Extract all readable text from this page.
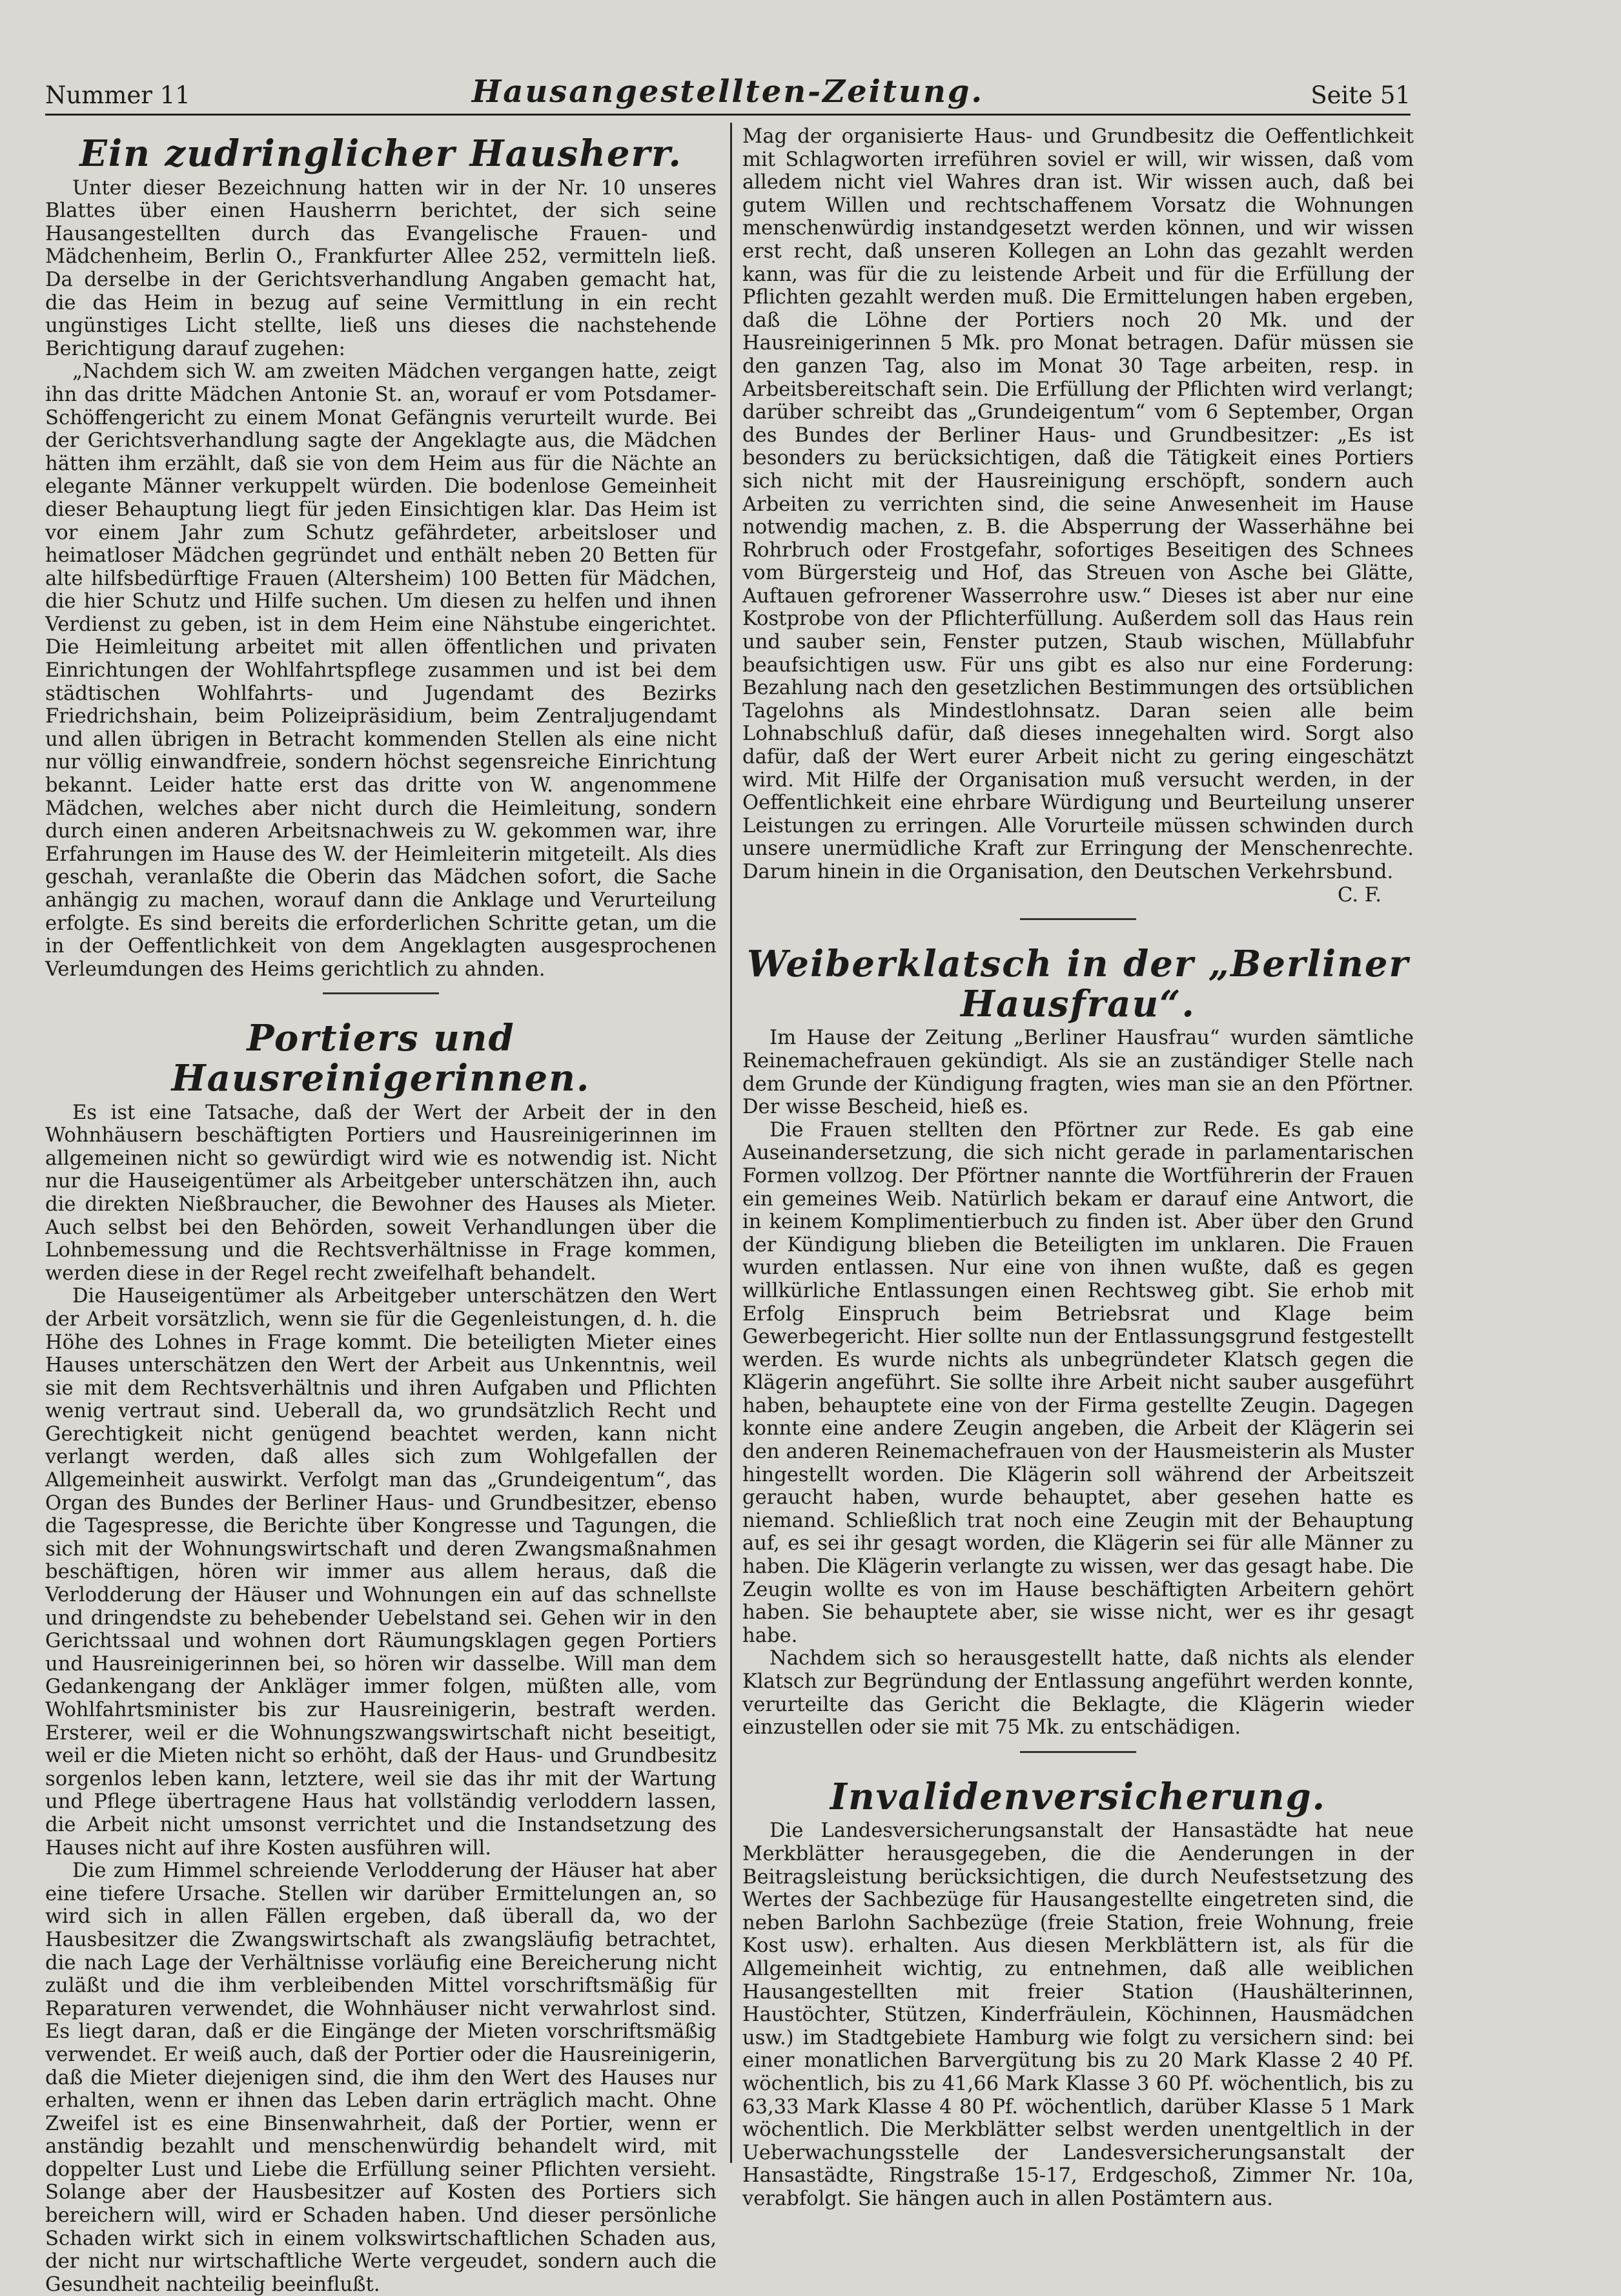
Nummer 11	Hausangestellten-Zeitung.	Seite 51
Ein zudringlicher Hausherr.

Unter dieser Bezeichnung hatten wir in der Nr. 10 unseres Blattes über einen Hausherrn berichtet, der sich seine Hausangestellten durch das Evangelische Frauen- und Mädchenheim, Berlin O., Frankfurter Allee 252, vermitteln ließ. Da derselbe in der Gerichtsverhandlung Angaben gemacht hat, die das Heim in bezug auf seine Vermittlung in ein recht ungünstiges Licht stellte, ließ uns dieses die nachstehende Berichtigung darauf zugehen:

„Nachdem sich W. am zweiten Mädchen vergangen hatte, zeigt ihn das dritte Mädchen Antonie St. an, worauf er vom Potsdamer-Schöffengericht zu einem Monat Gefängnis verurteilt wurde. Bei der Gerichtsverhandlung sagte der Angeklagte aus, die Mädchen hätten ihm erzählt, daß sie von dem Heim aus für die Nächte an elegante Männer verkuppelt würden. Die bodenlose Gemeinheit dieser Behauptung liegt für jeden Einsichtigen klar. Das Heim ist vor einem Jahr zum Schutz gefährdeter, arbeitsloser und heimatloser Mädchen gegründet und enthält neben 20 Betten für alte hilfsbedürftige Frauen (Altersheim) 100 Betten für Mädchen, die hier Schutz und Hilfe suchen. Um diesen zu helfen und ihnen Verdienst zu geben, ist in dem Heim eine Nähstube eingerichtet. Die Heimleitung arbeitet mit allen öffentlichen und privaten Einrichtungen der Wohlfahrtspflege zusammen und ist bei dem städtischen Wohlfahrts- und Jugendamt des Bezirks Friedrichshain, beim Polizeipräsidium, beim Zentraljugendamt und allen übrigen in Betracht kommenden Stellen als eine nicht nur völlig einwandfreie, sondern höchst segensreiche Einrichtung bekannt. Leider hatte erst das dritte von W. angenommene Mädchen, welches aber nicht durch die Heimleitung, sondern durch einen anderen Arbeitsnachweis zu W. gekommen war, ihre Erfahrungen im Hause des W. der Heimleiterin mitgeteilt. Als dies geschah, veranlaßte die Oberin das Mädchen sofort, die Sache anhängig zu machen, worauf dann die Anklage und Verurteilung erfolgte. Es sind bereits die erforderlichen Schritte getan, um die in der Oeffentlichkeit von dem Angeklagten ausgesprochenen Verleumdungen des Heims gerichtlich zu ahnden.

Portiers und Hausreinigerinnen.

Es ist eine Tatsache, daß der Wert der Arbeit der in den Wohnhäusern beschäftigten Portiers und Hausreinigerinnen im allgemeinen nicht so gewürdigt wird wie es notwendig ist. Nicht nur die Hauseigentümer als Arbeitgeber unterschätzen ihn, auch die direkten Nießbraucher, die Bewohner des Hauses als Mieter. Auch selbst bei den Behörden, soweit Verhandlungen über die Lohnbemessung und die Rechtsverhältnisse in Frage kommen, werden diese in der Regel recht zweifelhaft behandelt.

Die Hauseigentümer als Arbeitgeber unterschätzen den Wert der Arbeit vorsätzlich, wenn sie für die Gegenleistungen, d. h. die Höhe des Lohnes in Frage kommt. Die beteiligten Mieter eines Hauses unterschätzen den Wert der Arbeit aus Unkenntnis, weil sie mit dem Rechtsverhältnis und ihren Aufgaben und Pflichten wenig vertraut sind. Ueberall da, wo grundsätzlich Recht und Gerechtigkeit nicht genügend beachtet werden, kann nicht verlangt werden, daß alles sich zum Wohlgefallen der Allgemeinheit auswirkt. Verfolgt man das „Grundeigentum“, das Organ des Bundes der Berliner Haus- und Grundbesitzer, ebenso die Tagespresse, die Berichte über Kongresse und Tagungen, die sich mit der Wohnungswirtschaft und deren Zwangsmaßnahmen beschäftigen, hören wir immer aus allem heraus, daß die Verlodderung der Häuser und Wohnungen ein auf das schnellste und dringendste zu behebender Uebelstand sei. Gehen wir in den Gerichtssaal und wohnen dort Räumungsklagen gegen Portiers und Hausreinigerinnen bei, so hören wir dasselbe. Will man dem Gedankengang der Ankläger immer folgen, müßten alle, vom Wohlfahrtsminister bis zur Hausreinigerin, bestraft werden. Ersterer, weil er die Wohnungszwangswirtschaft nicht beseitigt, weil er die Mieten nicht so erhöht, daß der Haus- und Grundbesitz sorgenlos leben kann, letztere, weil sie das ihr mit der Wartung und Pflege übertragene Haus hat vollständig verloddern lassen, die Arbeit nicht umsonst verrichtet und die Instandsetzung des Hauses nicht auf ihre Kosten ausführen will.

Die zum Himmel schreiende Verlodderung der Häuser hat aber eine tiefere Ursache. Stellen wir darüber Ermittelungen an, so wird sich in allen Fällen ergeben, daß überall da, wo der Hausbesitzer die Zwangswirtschaft als zwangsläufig betrachtet, die nach Lage der Verhältnisse vorläufig eine Bereicherung nicht zuläßt und die ihm verbleibenden Mittel vorschriftsmäßig für Reparaturen verwendet, die Wohnhäuser nicht verwahrlost sind. Es liegt daran, daß er die Eingänge der Mieten vorschriftsmäßig verwendet. Er weiß auch, daß der Portier oder die Hausreinigerin, daß die Mieter diejenigen sind, die ihm den Wert des Hauses nur erhalten, wenn er ihnen das Leben darin erträglich macht. Ohne Zweifel ist es eine Binsenwahrheit, daß der Portier, wenn er anständig bezahlt und menschenwürdig behandelt wird, mit doppelter Lust und Liebe die Erfüllung seiner Pflichten versieht. Solange aber der Hausbesitzer auf Kosten des Portiers sich bereichern will, wird er Schaden haben. Und dieser persönliche Schaden wirkt sich in einem volkswirtschaftlichen Schaden aus, der nicht nur wirtschaftliche Werte vergeudet, sondern auch die Gesundheit nachteilig beeinflußt.

Mag der organisierte Haus- und Grundbesitz die Oeffentlichkeit mit Schlagworten irreführen soviel er will, wir wissen, daß vom alledem nicht viel Wahres dran ist. Wir wissen auch, daß bei gutem Willen und rechtschaffenem Vorsatz die Wohnungen menschenwürdig instandgesetzt werden können, und wir wissen erst recht, daß unseren Kollegen an Lohn das gezahlt werden kann, was für die zu leistende Arbeit und für die Erfüllung der Pflichten gezahlt werden muß. Die Ermittelungen haben ergeben, daß die Löhne der Portiers noch 20 Mk. und der Hausreinigerinnen 5 Mk. pro Monat betragen. Dafür müssen sie den ganzen Tag, also im Monat 30 Tage arbeiten, resp. in Arbeitsbereitschaft sein. Die Erfüllung der Pflichten wird verlangt; darüber schreibt das „Grundeigentum“ vom 6 September, Organ des Bundes der Berliner Haus- und Grundbesitzer: „Es ist besonders zu berücksichtigen, daß die Tätigkeit eines Portiers sich nicht mit der Hausreinigung erschöpft, sondern auch Arbeiten zu verrichten sind, die seine Anwesenheit im Hause notwendig machen, z. B. die Absperrung der Wasserhähne bei Rohrbruch oder Frostgefahr, sofortiges Beseitigen des Schnees vom Bürgersteig und Hof, das Streuen von Asche bei Glätte, Auftauen gefrorener Wasserrohre usw.“ Dieses ist aber nur eine Kostprobe von der Pflichterfüllung. Außerdem soll das Haus rein und sauber sein, Fenster putzen, Staub wischen, Müllabfuhr beaufsichtigen usw. Für uns gibt es also nur eine Forderung: Bezahlung nach den gesetzlichen Bestimmungen des ortsüblichen Tagelohns als Mindestlohnsatz. Daran seien alle beim Lohnabschluß dafür, daß dieses innegehalten wird. Sorgt also dafür, daß der Wert eurer Arbeit nicht zu gering eingeschätzt wird. Mit Hilfe der Organisation muß versucht werden, in der Oeffentlichkeit eine ehrbare Würdigung und Beurteilung unserer Leistungen zu erringen. Alle Vorurteile müssen schwinden durch unsere unermüdliche Kraft zur Erringung der Menschenrechte. Darum hinein in die Organisation, den Deutschen Verkehrsbund.

C. F.

Weiberklatsch in der „Berliner Hausfrau“.

Im Hause der Zeitung „Berliner Hausfrau“ wurden sämtliche Reinemachefrauen gekündigt. Als sie an zuständiger Stelle nach dem Grunde der Kündigung fragten, wies man sie an den Pförtner. Der wisse Bescheid, hieß es.

Die Frauen stellten den Pförtner zur Rede. Es gab eine Auseinandersetzung, die sich nicht gerade in parlamentarischen Formen vollzog. Der Pförtner nannte die Wortführerin der Frauen ein gemeines Weib. Natürlich bekam er darauf eine Antwort, die in keinem Komplimentierbuch zu finden ist. Aber über den Grund der Kündigung blieben die Beteiligten im unklaren. Die Frauen wurden entlassen. Nur eine von ihnen wußte, daß es gegen willkürliche Entlassungen einen Rechtsweg gibt. Sie erhob mit Erfolg Einspruch beim Betriebsrat und Klage beim Gewerbegericht. Hier sollte nun der Entlassungsgrund festgestellt werden. Es wurde nichts als unbegründeter Klatsch gegen die Klägerin angeführt. Sie sollte ihre Arbeit nicht sauber ausgeführt haben, behauptete eine von der Firma gestellte Zeugin. Dagegen konnte eine andere Zeugin angeben, die Arbeit der Klägerin sei den anderen Reinemachefrauen von der Hausmeisterin als Muster hingestellt worden. Die Klägerin soll während der Arbeitszeit geraucht haben, wurde behauptet, aber gesehen hatte es niemand. Schließlich trat noch eine Zeugin mit der Behauptung auf, es sei ihr gesagt worden, die Klägerin sei für alle Männer zu haben. Die Klägerin verlangte zu wissen, wer das gesagt habe. Die Zeugin wollte es von im Hause beschäftigten Arbeitern gehört haben. Sie behauptete aber, sie wisse nicht, wer es ihr gesagt habe.

Nachdem sich so herausgestellt hatte, daß nichts als elender Klatsch zur Begründung der Entlassung angeführt werden konnte, verurteilte das Gericht die Beklagte, die Klägerin wieder einzustellen oder sie mit 75 Mk. zu entschädigen.

Invalidenversicherung.

Die Landesversicherungsanstalt der Hansastädte hat neue Merkblätter herausgegeben, die die Aenderungen in der Beitragsleistung berücksichtigen, die durch Neufestsetzung des Wertes der Sachbezüge für Hausangestellte eingetreten sind, die neben Barlohn Sachbezüge (freie Station, freie Wohnung, freie Kost usw). erhalten. Aus diesen Merkblättern ist, als für die Allgemeinheit wichtig, zu entnehmen, daß alle weiblichen Hausangestellten mit freier Station (Haushälterinnen, Haustöchter, Stützen, Kinderfräulein, Köchinnen, Hausmädchen usw.) im Stadtgebiete Hamburg wie folgt zu versichern sind: bei einer monatlichen Barvergütung bis zu 20 Mark Klasse 2 40 Pf. wöchentlich, bis zu 41,66 Mark Klasse 3 60 Pf. wöchentlich, bis zu 63,33 Mark Klasse 4 80 Pf. wöchentlich, darüber Klasse 5 1 Mark wöchentlich. Die Merkblätter selbst werden unentgeltlich in der Ueberwachungsstelle der Landesversicherungsanstalt der Hansastädte, Ringstraße 15-17, Erdgeschoß, Zimmer Nr. 10a, verabfolgt. Sie hängen auch in allen Postämtern aus.
